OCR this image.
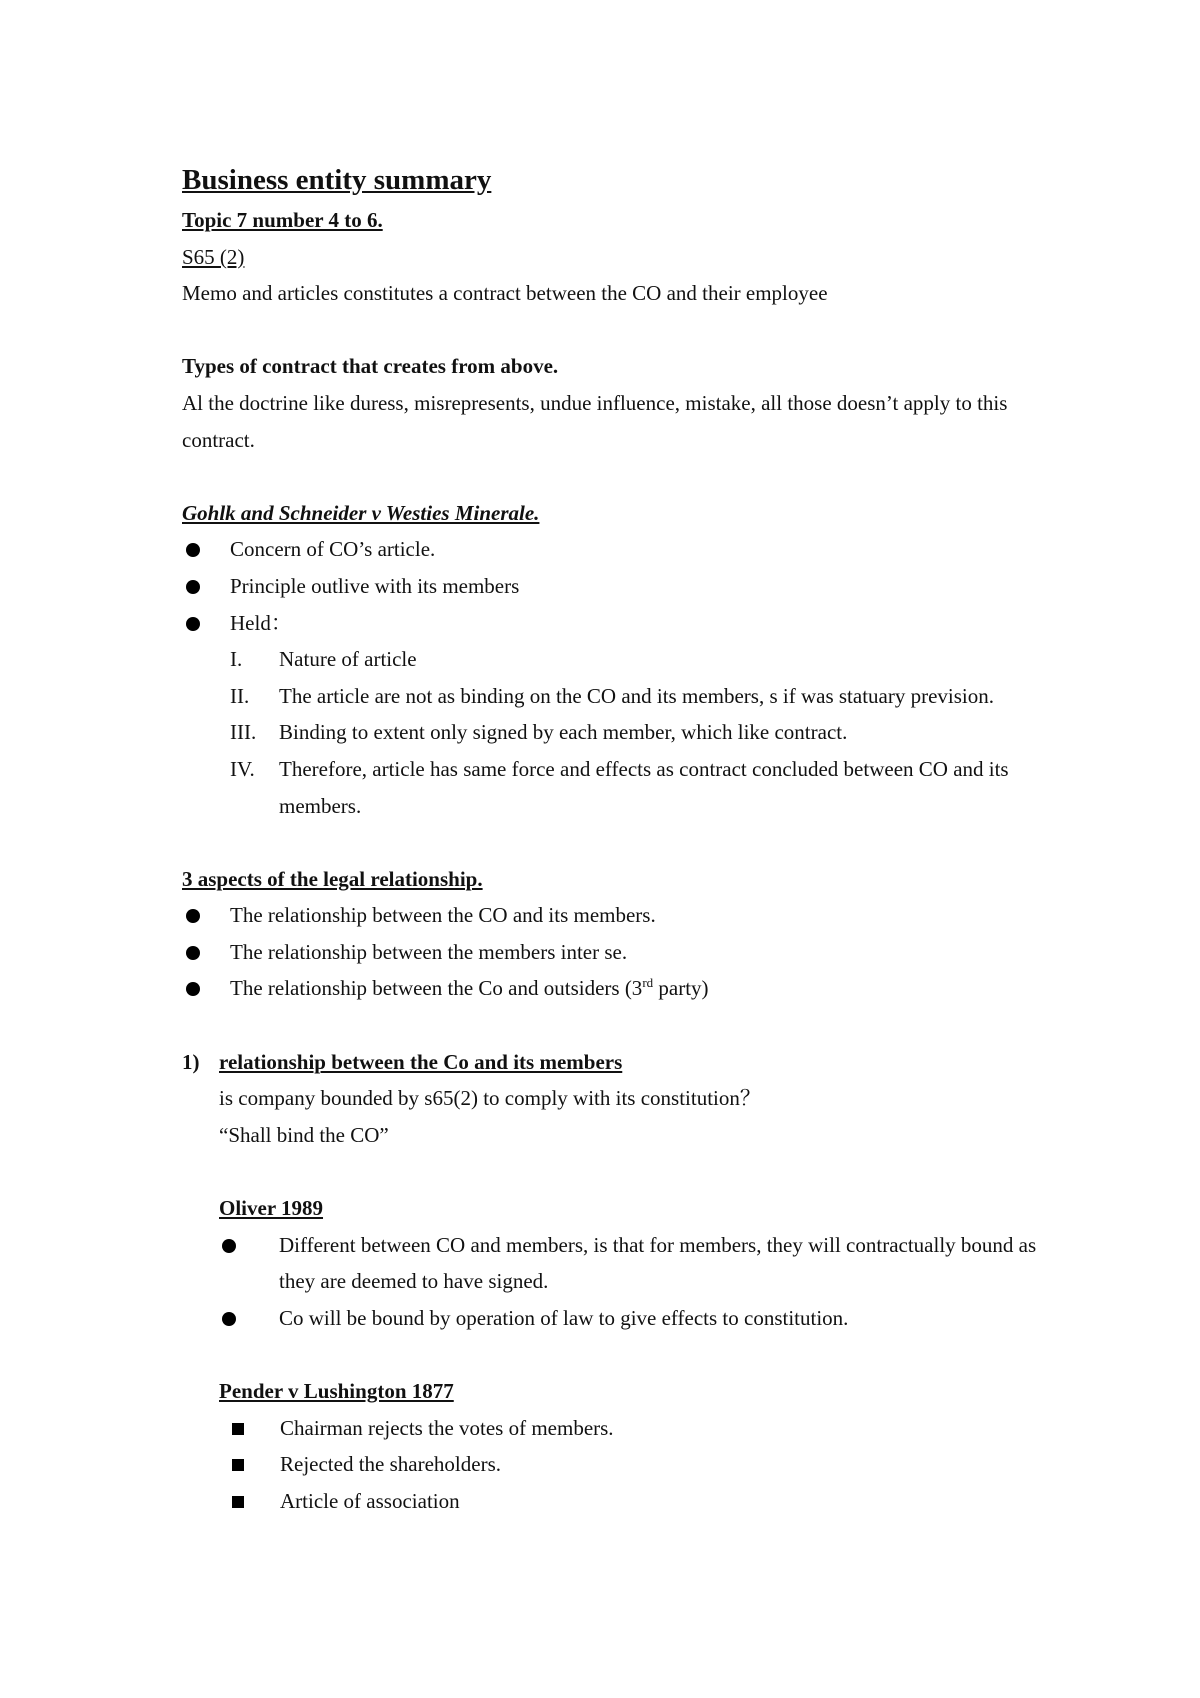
Business entity summary
Topic 7 number 4 to 6.
S65 (2)
Memo and articles constitutes a contract between the CO and their employee
Types of contract that creates from above.
Al the doctrine like duress, misrepresents, undue influence, mistake, all those doesn’t apply to this contract.
Gohlk and Schneider v Westies Minerale.
Concern of CO’s article.
Principle outlive with its members
Held：
I. Nature of article
II. The article are not as binding on the CO and its members, s if was statuary prevision.
III. Binding to extent only signed by each member, which like contract.
IV. Therefore, article has same force and effects as contract concluded between CO and its members.
3 aspects of the legal relationship.
The relationship between the CO and its members.
The relationship between the members inter se.
The relationship between the Co and outsiders (3rd party)
1) relationship between the Co and its members
is company bounded by s65(2) to comply with its constitution？
“Shall bind the CO”
Oliver 1989
Different between CO and members, is that for members, they will contractually bound as they are deemed to have signed.
Co will be bound by operation of law to give effects to constitution.
Pender v Lushington 1877
Chairman rejects the votes of members.
Rejected the shareholders.
Article of association
